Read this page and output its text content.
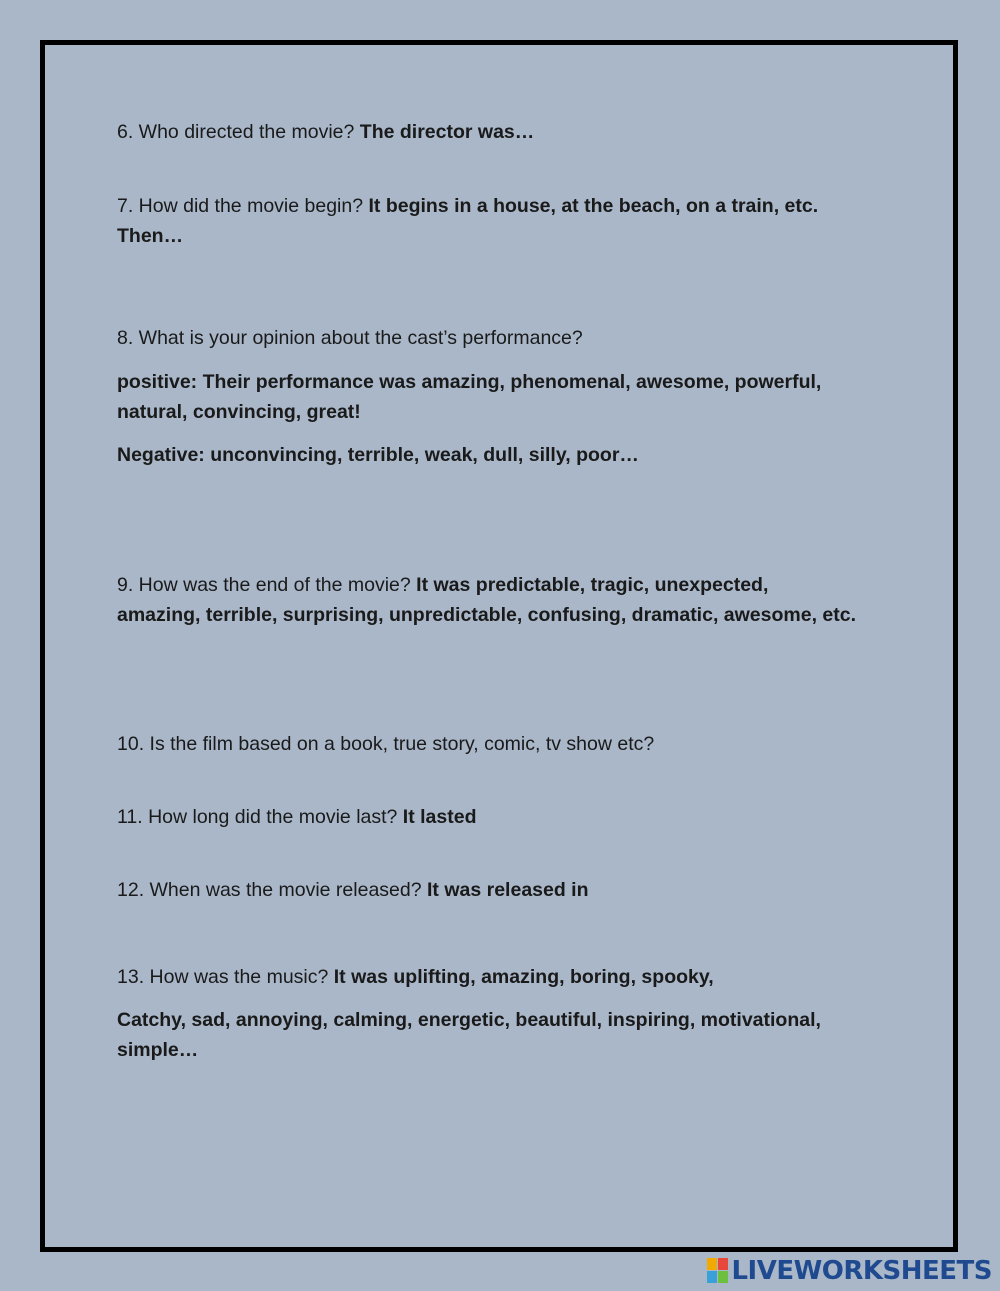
6. Who directed the movie? The director was…
7. How did the movie begin? It begins in a house, at the beach, on a train, etc.
Then…
8. What is your opinion about the cast’s performance?
positive: Their performance was amazing, phenomenal, awesome, powerful,
natural, convincing, great!
Negative: unconvincing, terrible, weak, dull, silly, poor…
9. How was the end of the movie? It was predictable, tragic, unexpected,
amazing, terrible, surprising, unpredictable, confusing, dramatic, awesome, etc.
10. Is the film based on a book, true story, comic, tv show etc?
11. How long did the movie last? It lasted
12. When was the movie released? It was released in
13. How was the music? It was uplifting, amazing, boring, spooky,
Catchy, sad, annoying, calming, energetic, beautiful, inspiring, motivational,
simple…
LIVEWORKSHEETS
